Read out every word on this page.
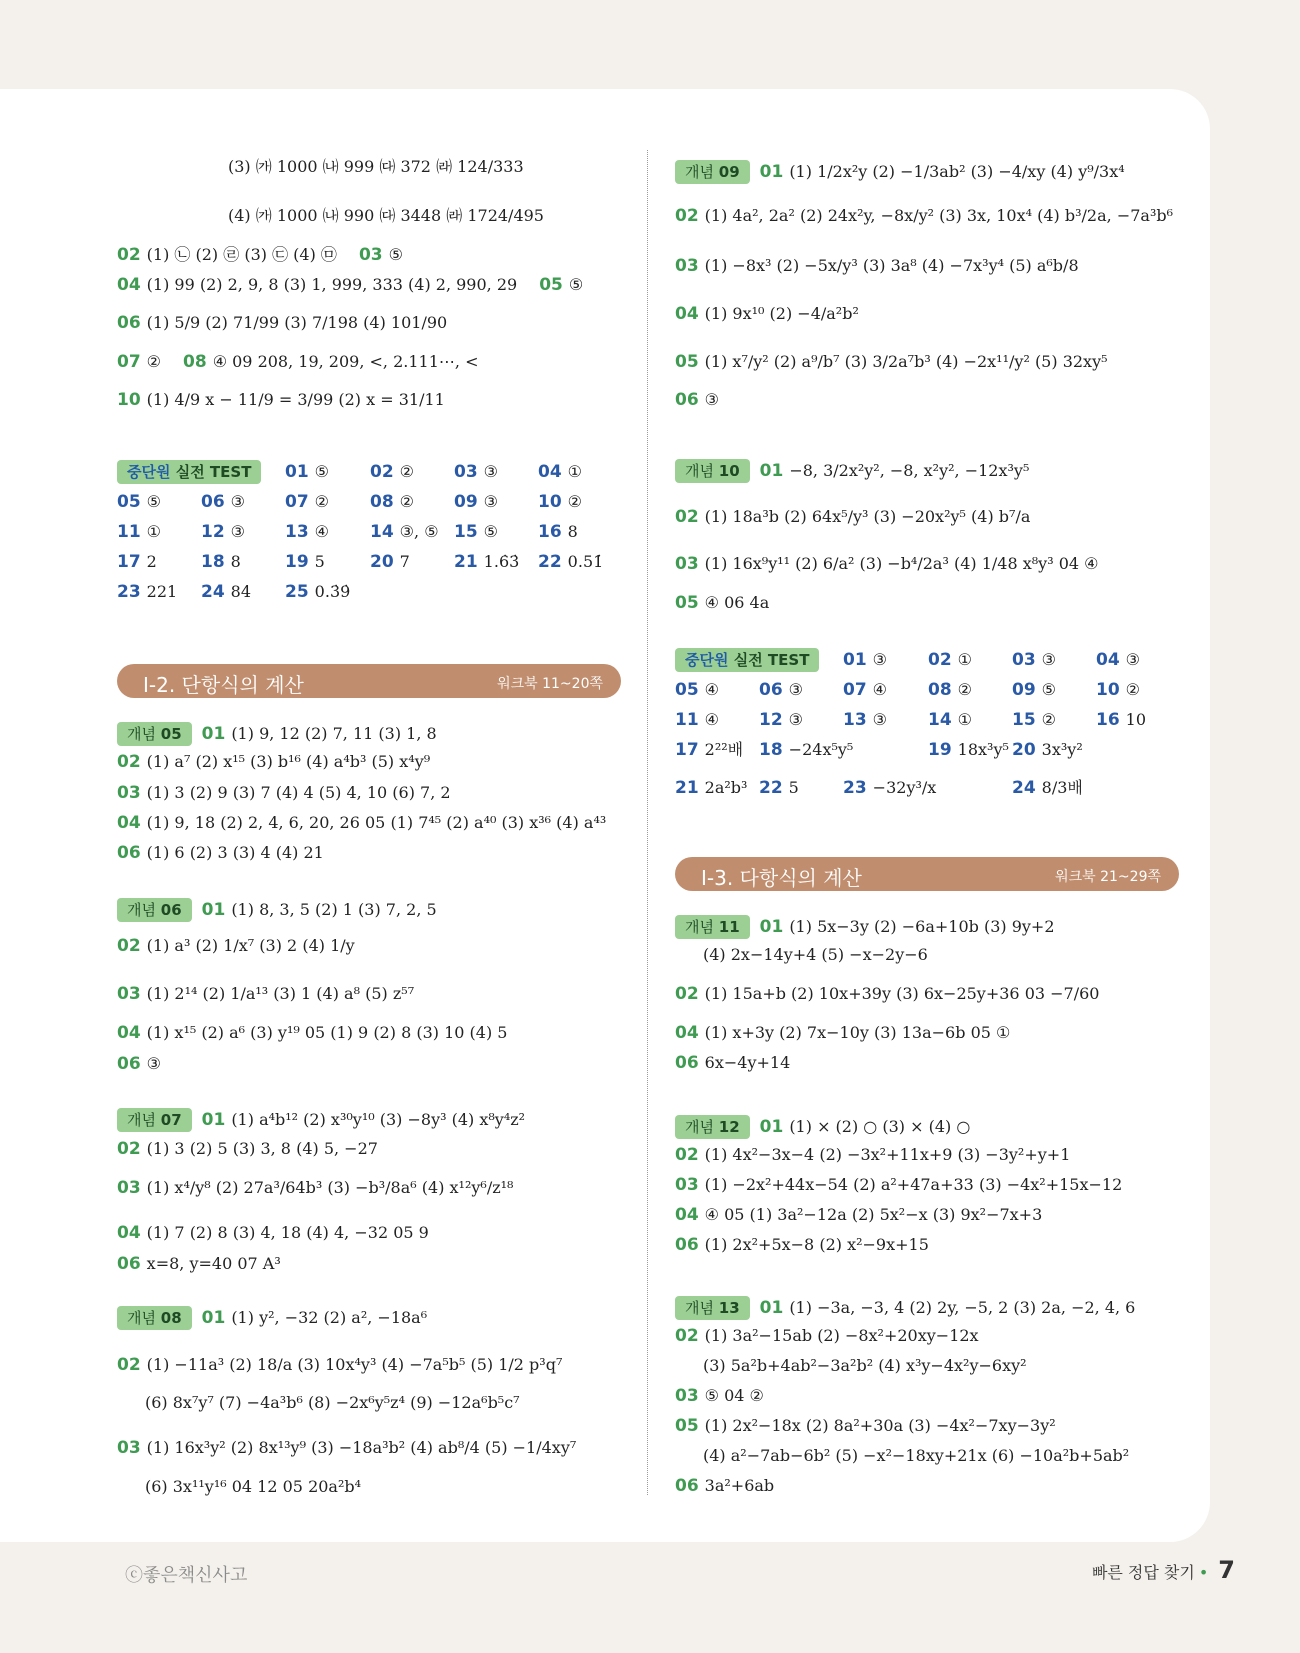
(3) ㈎ 1000 ㈏ 999 ㈐ 372 ㈑ 124/333
(4) ㈎ 1000 ㈏ 990 ㈐ 3448 ㈑ 1724/495
02 (1) ㉡ (2) ㉣ (3) ㉢ (4) ㉤ 03 ⑤
04 (1) 99 (2) 2, 9, 8 (3) 1, 999, 333 (4) 2, 990, 29 05 ⑤
06 (1) 5/9 (2) 71/99 (3) 7/198 (4) 101/90
07 ② 08 ④ 09 208, 19, 209, <, 2.111⋯, <
10 (1) 4/9 x − 11/9 = 3/99 (2) x = 31/11
중단원 실전 TEST	01 ⑤ 02 ② 03 ③ 04 ①
05 ⑤ 06 ③ 07 ② 08 ② 09 ③ 10 ②
11 ① 12 ③ 13 ④ 14 ③, ⑤ 15 ⑤ 16 8
17 2	18 8	19 5	20 7	21 1.6̇3̇ 22 0.51̇
23 221 24 84 25 0.3̇9̇
Ⅰ-2. 단항식의 계산	워크북 11~20쪽
개념 05 01 (1) 9, 12 (2) 7, 11 (3) 1, 8
02 (1) a⁷ (2) x¹⁵ (3) b¹⁶ (4) a⁴b³ (5) x⁴y⁹
03 (1) 3 (2) 9 (3) 7 (4) 4 (5) 4, 10 (6) 7, 2
04 (1) 9, 18 (2) 2, 4, 6, 20, 26 05 (1) 7⁴⁵ (2) a⁴⁰ (3) x³⁶ (4) a⁴³
06 (1) 6 (2) 3 (3) 4 (4) 21
개념 06 01 (1) 8, 3, 5 (2) 1 (3) 7, 2, 5
02 (1) a³ (2) 1/x⁷ (3) 2 (4) 1/y
03 (1) 2¹⁴ (2) 1/a¹³ (3) 1 (4) a⁸ (5) z⁵⁷
04 (1) x¹⁵ (2) a⁶ (3) y¹⁹ 05 (1) 9 (2) 8 (3) 10 (4) 5
06 ③
개념 07 01 (1) a⁴b¹² (2) x³⁰y¹⁰ (3) −8y³ (4) x⁸y⁴z²
02 (1) 3 (2) 5 (3) 3, 8 (4) 5, −27
03 (1) x⁴/y⁸ (2) 27a³/64b³ (3) −b³/8a⁶ (4) x¹²y⁶/z¹⁸
04 (1) 7 (2) 8 (3) 4, 18 (4) 4, −32 05 9
06 x=8, y=40 07 A³
개념 08 01 (1) y², −32 (2) a², −18a⁶
02 (1) −11a³ (2) 18/a (3) 10x⁴y³ (4) −7a⁵b⁵ (5) 1/2 p³q⁷
(6) 8x⁷y⁷ (7) −4a³b⁶ (8) −2x⁶y⁵z⁴ (9) −12a⁶b⁵c⁷
03 (1) 16x³y² (2) 8x¹³y⁹ (3) −18a³b² (4) ab⁸/4 (5) −1/4xy⁷
(6) 3x¹¹y¹⁶ 04 12 05 20a²b⁴
개념 09 01 (1) 1/2x²y (2) −1/3ab² (3) −4/xy (4) y⁹/3x⁴
02 (1) 4a², 2a² (2) 24x²y, −8x/y² (3) 3x, 10x⁴ (4) b³/2a, −7a³b⁶
03 (1) −8x³ (2) −5x/y³ (3) 3a⁸ (4) −7x³y⁴ (5) a⁶b/8
04 (1) 9x¹⁰ (2) −4/a²b²
05 (1) x⁷/y² (2) a⁹/b⁷ (3) 3/2a⁷b³ (4) −2x¹¹/y² (5) 32xy⁵
06 ③
개념 10 01 −8, 3/2x²y², −8, x²y², −12x³y⁵
02 (1) 18a³b (2) 64x⁵/y³ (3) −20x²y⁵ (4) b⁷/a
03 (1) 16x⁹y¹¹ (2) 6/a² (3) −b⁴/2a³ (4) 1/48 x⁸y³ 04 ④
05 ④ 06 4a
중단원 실전 TEST	01 ③ 02 ① 03 ③ 04 ③
05 ④ 06 ③ 07 ④ 08 ② 09 ⑤ 10 ②
11 ④ 12 ③ 13 ③ 14 ① 15 ② 16 10
17 2²²배 18 −24x⁵y⁵	19 18x³y⁵ 20 3x³y²
21 2a²b³ 22 5	23 −32y³/x	24 8/3배
Ⅰ-3. 다항식의 계산	워크북 21~29쪽
개념 11 01 (1) 5x−3y (2) −6a+10b (3) 9y+2
(4) 2x−14y+4 (5) −x−2y−6
02 (1) 15a+b (2) 10x+39y (3) 6x−25y+36 03 −7/60
04 (1) x+3y (2) 7x−10y (3) 13a−6b 05 ①
06 6x−4y+14
개념 12 01 (1) × (2) ○ (3) × (4) ○
02 (1) 4x²−3x−4 (2) −3x²+11x+9 (3) −3y²+y+1
03 (1) −2x²+44x−54 (2) a²+47a+33 (3) −4x²+15x−12
04 ④ 05 (1) 3a²−12a (2) 5x²−x (3) 9x²−7x+3
06 (1) 2x²+5x−8 (2) x²−9x+15
개념 13 01 (1) −3a, −3, 4 (2) 2y, −5, 2 (3) 2a, −2, 4, 6
02 (1) 3a²−15ab (2) −8x²+20xy−12x
(3) 5a²b+4ab²−3a²b² (4) x³y−4x²y−6xy²
03 ⑤ 04 ②
05 (1) 2x²−18x (2) 8a²+30a (3) −4x²−7xy−3y²
(4) a²−7ab−6b² (5) −x²−18xy+21x (6) −10a²b+5ab²
06 3a²+6ab
ⓒ좋은책신사고	빠른 정답 찾기 • 7
